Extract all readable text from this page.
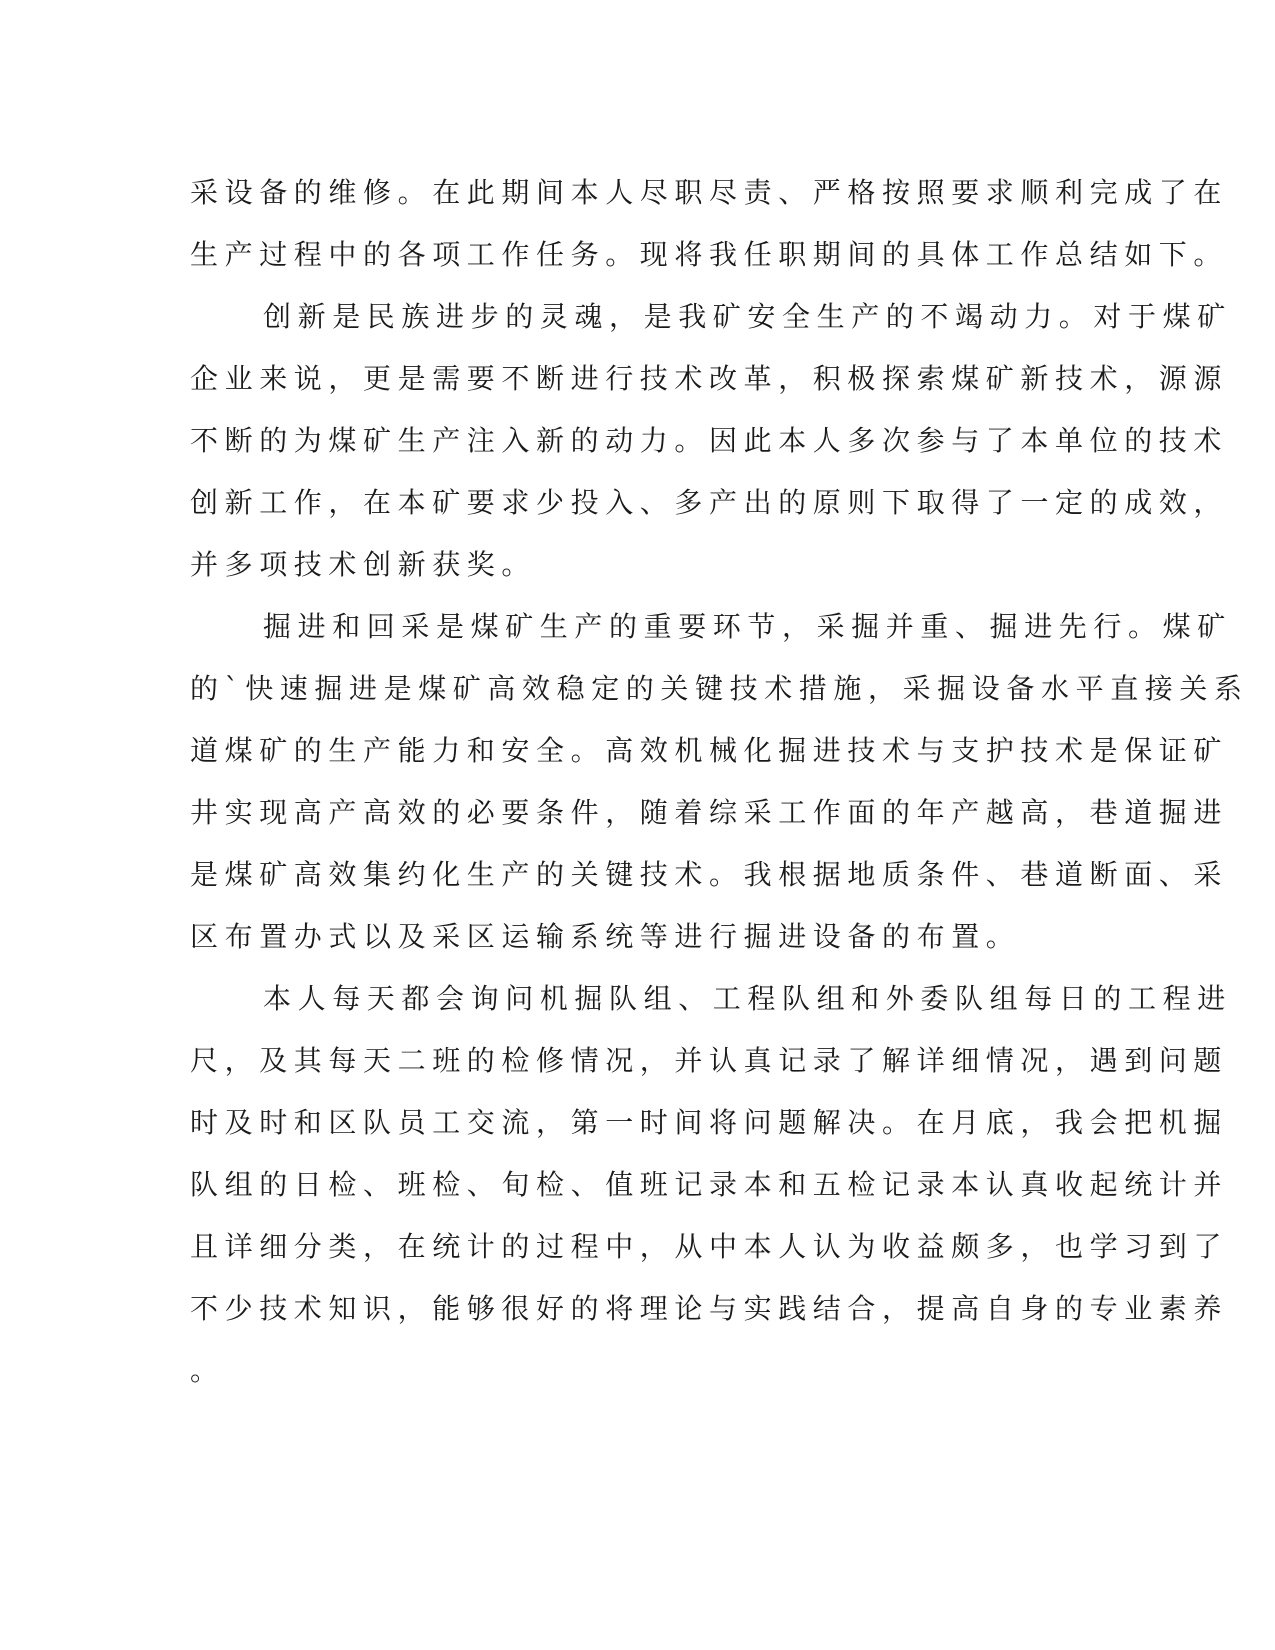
采设备的维修。在此期间本人尽职尽责、严格按照要求顺利完成了在
生产过程中的各项工作任务。现将我任职期间的具体工作总结如下。
创新是民族进步的灵魂，是我矿安全生产的不竭动力。对于煤矿
企业来说，更是需要不断进行技术改革，积极探索煤矿新技术，源源
不断的为煤矿生产注入新的动力。因此本人多次参与了本单位的技术
创新工作，在本矿要求少投入、多产出的原则下取得了一定的成效，
并多项技术创新获奖。
掘进和回采是煤矿生产的重要环节，采掘并重、掘进先行。煤矿
的`快速掘进是煤矿高效稳定的关键技术措施，采掘设备水平直接关系
道煤矿的生产能力和安全。高效机械化掘进技术与支护技术是保证矿
井实现高产高效的必要条件，随着综采工作面的年产越高，巷道掘进
是煤矿高效集约化生产的关键技术。我根据地质条件、巷道断面、采
区布置办式以及采区运输系统等进行掘进设备的布置。
本人每天都会询问机掘队组、工程队组和外委队组每日的工程进
尺，及其每天二班的检修情况，并认真记录了解详细情况，遇到问题
时及时和区队员工交流，第一时间将问题解决。在月底，我会把机掘
队组的日检、班检、旬检、值班记录本和五检记录本认真收起统计并
且详细分类，在统计的过程中，从中本人认为收益颇多，也学习到了
不少技术知识，能够很好的将理论与实践结合，提高自身的专业素养
。
